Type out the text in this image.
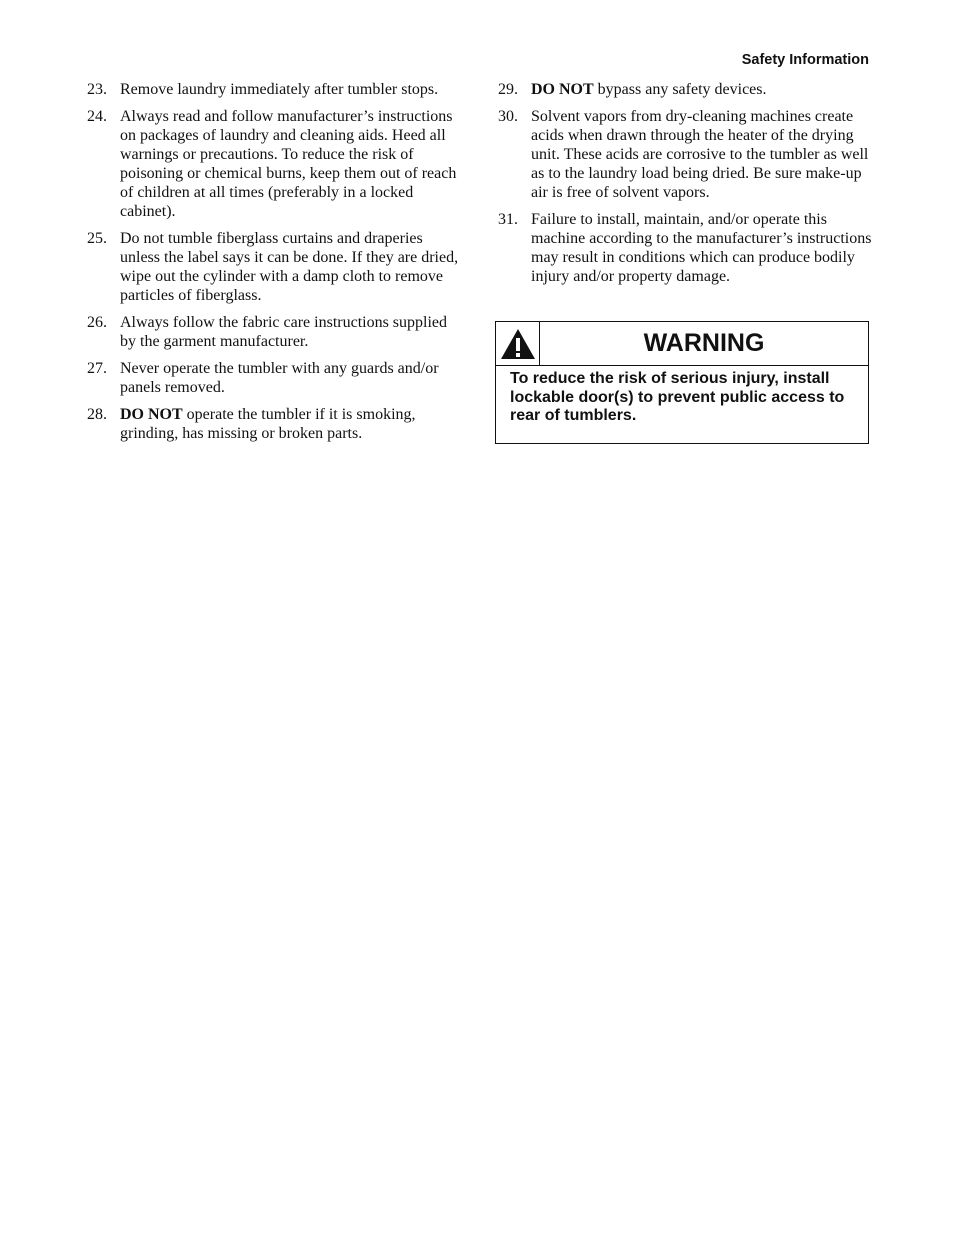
Safety Information
23. Remove laundry immediately after tumbler stops.
24. Always read and follow manufacturer’s instructions on packages of laundry and cleaning aids. Heed all warnings or precautions. To reduce the risk of poisoning or chemical burns, keep them out of reach of children at all times (preferably in a locked cabinet).
25. Do not tumble fiberglass curtains and draperies unless the label says it can be done. If they are dried, wipe out the cylinder with a damp cloth to remove particles of fiberglass.
26. Always follow the fabric care instructions supplied by the garment manufacturer.
27. Never operate the tumbler with any guards and/or panels removed.
28. DO NOT operate the tumbler if it is smoking, grinding, has missing or broken parts.
29. DO NOT bypass any safety devices.
30. Solvent vapors from dry-cleaning machines create acids when drawn through the heater of the drying unit. These acids are corrosive to the tumbler as well as to the laundry load being dried. Be sure make-up air is free of solvent vapors.
31. Failure to install, maintain, and/or operate this machine according to the manufacturer’s instructions may result in conditions which can produce bodily injury and/or property damage.
WARNING
To reduce the risk of serious injury, install lockable door(s) to prevent public access to rear of tumblers.
